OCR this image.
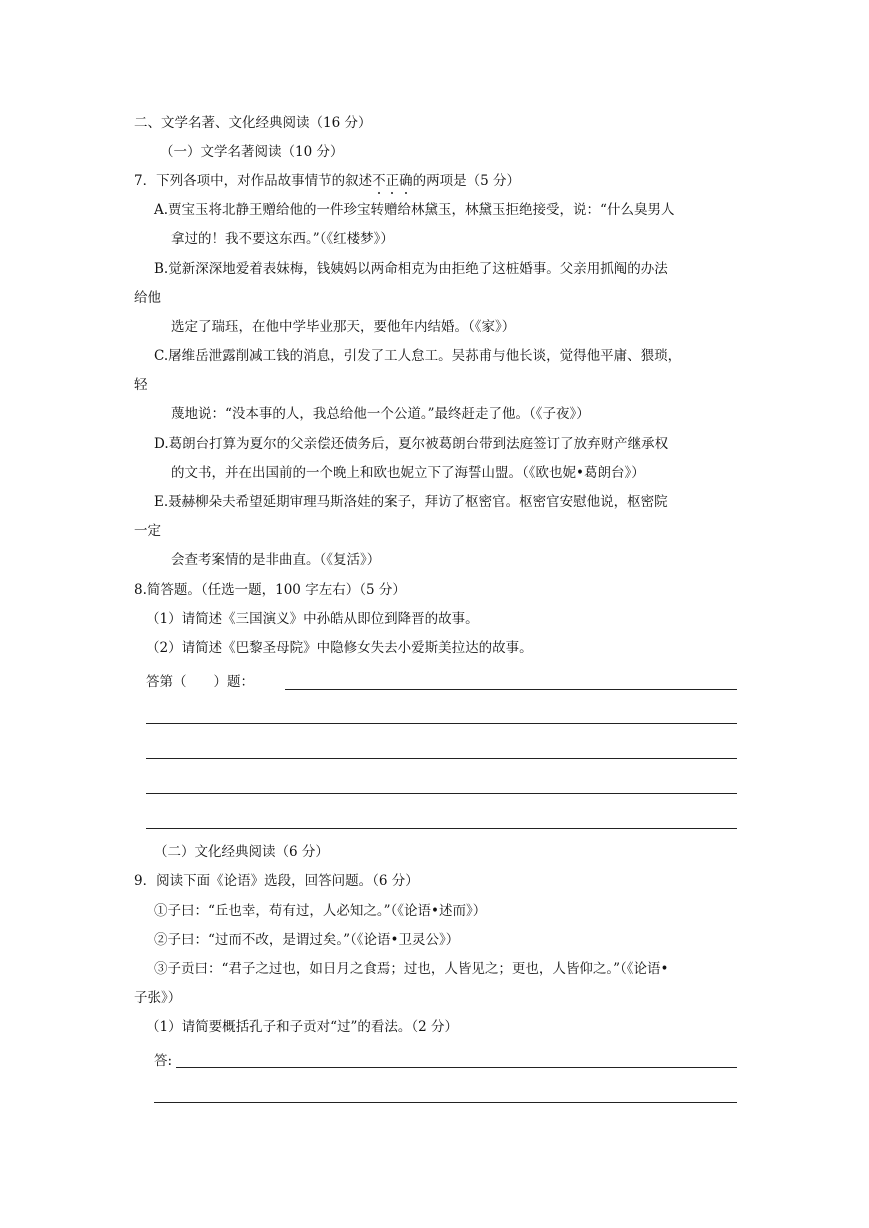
二、文学名著、文化经典阅读（16 分）
（一）文学名著阅读（10 分）
7．下列各项中，对作品故事情节的叙述不正确的两项是（5 分）
A.贾宝玉将北静王赠给他的一件珍宝转赠给林黛玉，林黛玉拒绝接受，说：“什么臭男人
拿过的！我不要这东西。”（《红楼梦》）
B.觉新深深地爱着表妹梅，钱姨妈以两命相克为由拒绝了这桩婚事。父亲用抓阄的办法
给他
选定了瑞珏，在他中学毕业那天，要他年内结婚。（《家》）
C.屠维岳泄露削减工钱的消息，引发了工人怠工。吴荪甫与他长谈，觉得他平庸、猥琐，
轻
蔑地说：“没本事的人，我总给他一个公道。”最终赶走了他。（《子夜》）
D.葛朗台打算为夏尔的父亲偿还债务后，夏尔被葛朗台带到法庭签订了放弃财产继承权
的文书，并在出国前的一个晚上和欧也妮立下了海誓山盟。（《欧也妮•葛朗台》）
E.聂赫柳朵夫希望延期审理马斯洛娃的案子，拜访了枢密官。枢密官安慰他说，枢密院
一定
会查考案情的是非曲直。（《复活》）
8.简答题。（任选一题，100 字左右）（5 分）
（1）请简述《三国演义》中孙皓从即位到降晋的故事。
（2）请简述《巴黎圣母院》中隐修女失去小爱斯美拉达的故事。
答第（　　）题：
（二）文化经典阅读（6 分）
9．阅读下面《论语》选段，回答问题。（6 分）
①子曰：“丘也幸，苟有过，人必知之。”（《论语•述而》）
②子曰：“过而不改，是谓过矣。”（《论语•卫灵公》）
③子贡曰：“君子之过也，如日月之食焉；过也，人皆见之；更也，人皆仰之。”（《论语•
子张》）
（1）请简要概括孔子和子贡对“过”的看法。（2 分）
答:
